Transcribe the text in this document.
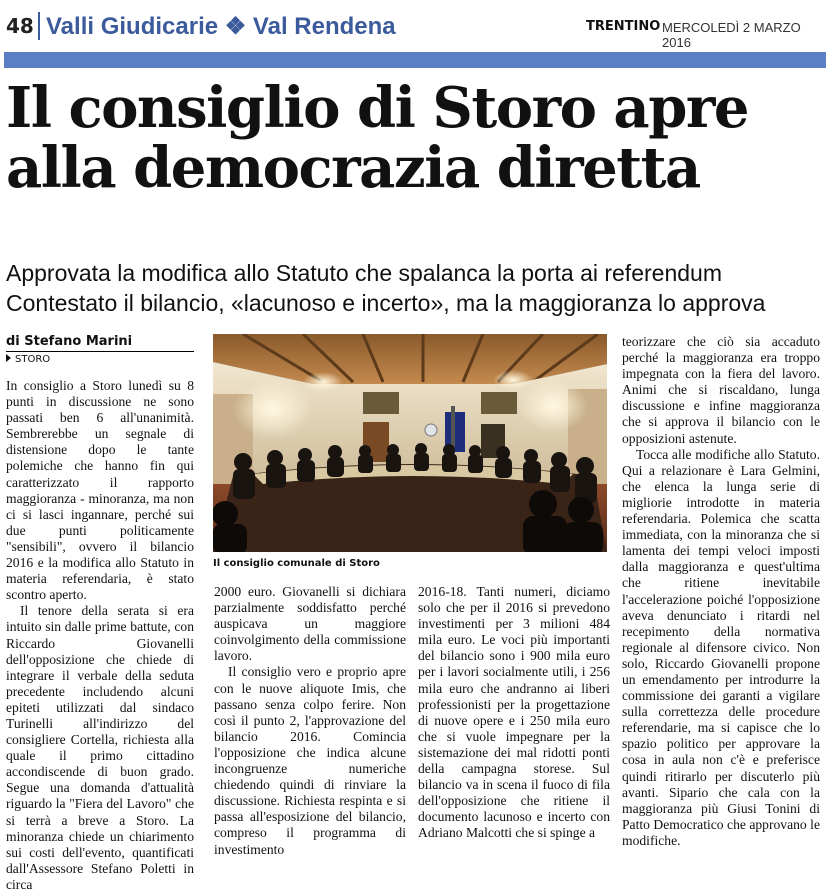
48 Valli Giudicarie ❖ Val Rendena	TRENTINO MERCOLEDÌ 2 MARZO 2016
Il consiglio di Storo apre
alla democrazia diretta
Approvata la modifica allo Statuto che spalanca la porta ai referendum
Contestato il bilancio, «lacunoso e incerto», ma la maggioranza lo approva
di Stefano Marini
STORO

In consiglio a Storo lunedì su 8 punti in discussione ne sono passati ben 6 all'unanimità. Sembrerebbe un segnale di distensione dopo le tante polemiche che hanno fin qui caratterizzato il rapporto maggioranza - minoranza, ma non ci si lasci ingannare, perché sui due punti politicamente "sensibili", ovvero il bilancio 2016 e la modifica allo Statuto in materia referendaria, è stato scontro aperto.

Il tenore della serata si era intuito sin dalle prime battute, con Riccardo Giovanelli dell'opposizione che chiede di integrare il verbale della seduta precedente includendo alcuni epiteti utilizzati dal sindaco Turinelli all'indirizzo del consigliere Cortella, richiesta alla quale il primo cittadino accondiscende di buon grado. Segue una domanda d'attualità riguardo la "Fiera del Lavoro" che si terrà a breve a Storo. La minoranza chiede un chiarimento sui costi dell'evento, quantificati dall'Assessore Stefano Poletti in circa

Il consiglio comunale di Storo

2000 euro. Giovanelli si dichiara parzialmente soddisfatto perché auspicava un maggiore coinvolgimento della commissione lavoro.

Il consiglio vero e proprio apre con le nuove aliquote Imis, che passano senza colpo ferire. Non così il punto 2, l'approvazione del bilancio 2016. Comincia l'opposizione che indica alcune incongruenze numeriche chiedendo quindi di rinviare la discussione. Richiesta respinta e si passa all'esposizione del bilancio, compreso il programma di investimento

2016-18. Tanti numeri, diciamo solo che per il 2016 si prevedono investimenti per 3 milioni 484 mila euro. Le voci più importanti del bilancio sono i 900 mila euro per i lavori socialmente utili, i 256 mila euro che andranno ai liberi professionisti per la progettazione di nuove opere e i 250 mila euro che si vuole impegnare per la sistemazione dei mal ridotti ponti della campagna storese. Sul bilancio va in scena il fuoco di fila dell'opposizione che ritiene il documento lacunoso e incerto con Adriano Malcotti che si spinge a

teorizzare che ciò sia accaduto perché la maggioranza era troppo impegnata con la fiera del lavoro. Animi che si riscaldano, lunga discussione e infine maggioranza che si approva il bilancio con le opposizioni astenute.

Tocca alle modifiche allo Statuto. Qui a relazionare è Lara Gelmini, che elenca la lunga serie di migliorie introdotte in materia referendaria. Polemica che scatta immediata, con la minoranza che si lamenta dei tempi veloci imposti dalla maggioranza e quest'ultima che ritiene inevitabile l'accelerazione poiché l'opposizione aveva denunciato i ritardi nel recepimento della normativa regionale al difensore civico. Non solo, Riccardo Giovanelli propone un emendamento per introdurre la commissione dei garanti a vigilare sulla correttezza delle procedure referendarie, ma si capisce che lo spazio politico per approvare la cosa in aula non c'è e preferisce quindi ritirarlo per discuterlo più avanti. Sipario che cala con la maggioranza più Giusi Tonini di Patto Democratico che approvano le modifiche.
